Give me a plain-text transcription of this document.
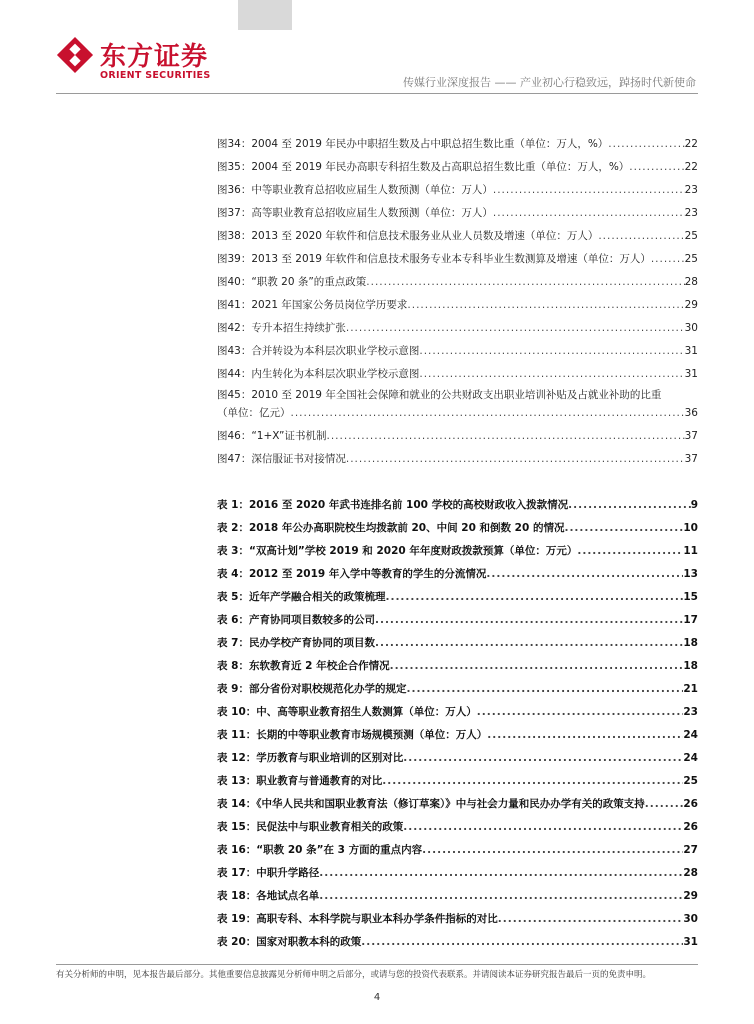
东方证券
ORIENT SECURITIES
传媒行业深度报告 —— 产业初心行稳致远，踔扬时代新使命
图34：2004 至 2019 年民办中职招生数及占中职总招生数比重（单位：万人，%） .....	22
图35：2004 至 2019 年民办高职专科招生数及占高职总招生数比重（单位：万人，%） .....	22
图36：中等职业教育总招收应届生人数预测（单位：万人） .....	23
图37：高等职业教育总招收应届生人数预测（单位：万人） .....	23
图38：2013 至 2020 年软件和信息技术服务业从业人员数及增速（单位：万人） .....	25
图39：2013 至 2019 年软件和信息技术服务专业本专科毕业生数测算及增速（单位：万人） .....	25
图40：“职教 20 条”的重点政策 .....	28
图41：2021 年国家公务员岗位学历要求 .....	29
图42：专升本招生持续扩张 .....	30
图43：合并转设为本科层次职业学校示意图 .....	31
图44：内生转化为本科层次职业学校示意图 .....	31
图45：2010 至 2019 年全国社会保障和就业的公共财政支出职业培训补贴及占就业补助的比重
（单位：亿元） .....	36
图46：“1+X”证书机制 .....	37
图47：深信服证书对接情况 .....	37
表 1：2016 至 2020 年武书连排名前 100 学校的高校财政收入拨款情况 .....	9
表 2：2018 年公办高职院校生均拨款前 20、中间 20 和倒数 20 的情况 .....	10
表 3：“双高计划”学校 2019 和 2020 年年度财政拨款预算（单位：万元） .....	11
表 4：2012 至 2019 年入学中等教育的学生的分流情况 .....	13
表 5：近年产学融合相关的政策梳理 .....	15
表 6：产育协同项目数较多的公司 .....	17
表 7：民办学校产育协同的项目数 .....	18
表 8：东软教育近 2 年校企合作情况 .....	18
表 9：部分省份对职校规范化办学的规定 .....	21
表 10：中、高等职业教育招生人数测算（单位：万人） .....	23
表 11：长期的中等职业教育市场规模预测（单位：万人） .....	24
表 12：学历教育与职业培训的区别对比 .....	24
表 13：职业教育与普通教育的对比 .....	25
表 14：《中华人民共和国职业教育法（修订草案）》中与社会力量和民办办学有关的政策支持 .....	26
表 15：民促法中与职业教育相关的政策 .....	26
表 16：“职教 20 条”在 3 方面的重点内容 .....	27
表 17：中职升学路径 .....	28
表 18：各地试点名单 .....	29
表 19：高职专科、本科学院与职业本科办学条件指标的对比 .....	30
表 20：国家对职教本科的政策 .....	31
有关分析师的申明，见本报告最后部分。其他重要信息披露见分析师申明之后部分，或请与您的投资代表联系。并请阅读本证券研究报告最后一页的免责申明。
4
